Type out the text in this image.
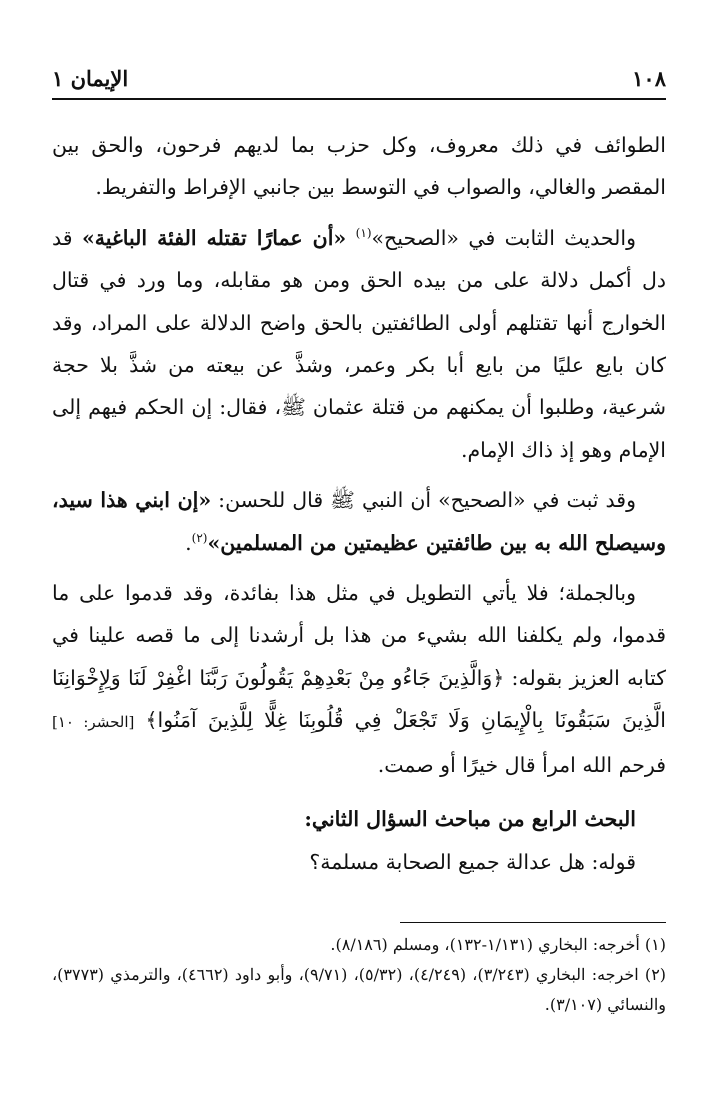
١٠٨
الإيمان ١

الطوائف في ذلك معروف، وكل حزب بما لديهم فرحون، والحق بين المقصر والغالي، والصواب في التوسط بين جانبي الإفراط والتفريط.

والحديث الثابت في «الصحيح»$^{(١)}$ «أن عمارًا تقتله الفئة الباغية» قد دل أكمل دلالة على من بيده الحق ومن هو مقابله، وما ورد في قتال الخوارج أنها تقتلهم أولى الطائفتين بالحق واضح الدلالة على المراد، وقد كان بايع عليًا من بايع أبا بكر وعمر، وشذَّ عن بيعته من شذَّ بلا حجة شرعية، وطلبوا أن يمكنهم من قتلة عثمان ﷺ، فقال: إن الحكم فيهم إلى الإمام وهو إذ ذاك الإمام.

وقد ثبت في «الصحيح» أن النبي ﷺ قال للحسن: «إن ابني هذا سيد، وسيصلح الله به بين طائفتين عظيمتين من المسلمين»$^{(٢)}$.

وبالجملة؛ فلا يأتي التطويل في مثل هذا بفائدة، وقد قدموا على ما قدموا، ولم يكلفنا الله بشيء من هذا بل أرشدنا إلى ما قصه علينا في كتابه العزيز بقوله: ﴿وَالَّذِينَ جَاءُو مِنْ بَعْدِهِمْ يَقُولُونَ رَبَّنَا اغْفِرْ لَنَا وَلِإِخْوَانِنَا الَّذِينَ سَبَقُونَا بِالْإِيمَانِ وَلَا تَجْعَلْ فِي قُلُوبِنَا غِلًّا لِلَّذِينَ آمَنُوا﴾ [الحشر: ١٠] فرحم الله امرأ قال خيرًا أو صمت.

البحث الرابع من مباحث السؤال الثاني:

قوله: هل عدالة جميع الصحابة مسلمة؟

(١) أخرجه: البخاري (١/١٣١-١٣٢)، ومسلم (٨/١٨٦).

(٢) اخرجه: البخاري (٣/٢٤٣)، (٤/٢٤٩)، (٥/٣٢)، (٩/٧١)، وأبو داود (٤٦٦٢)، والترمذي (٣٧٧٣)، والنسائي (٣/١٠٧).
